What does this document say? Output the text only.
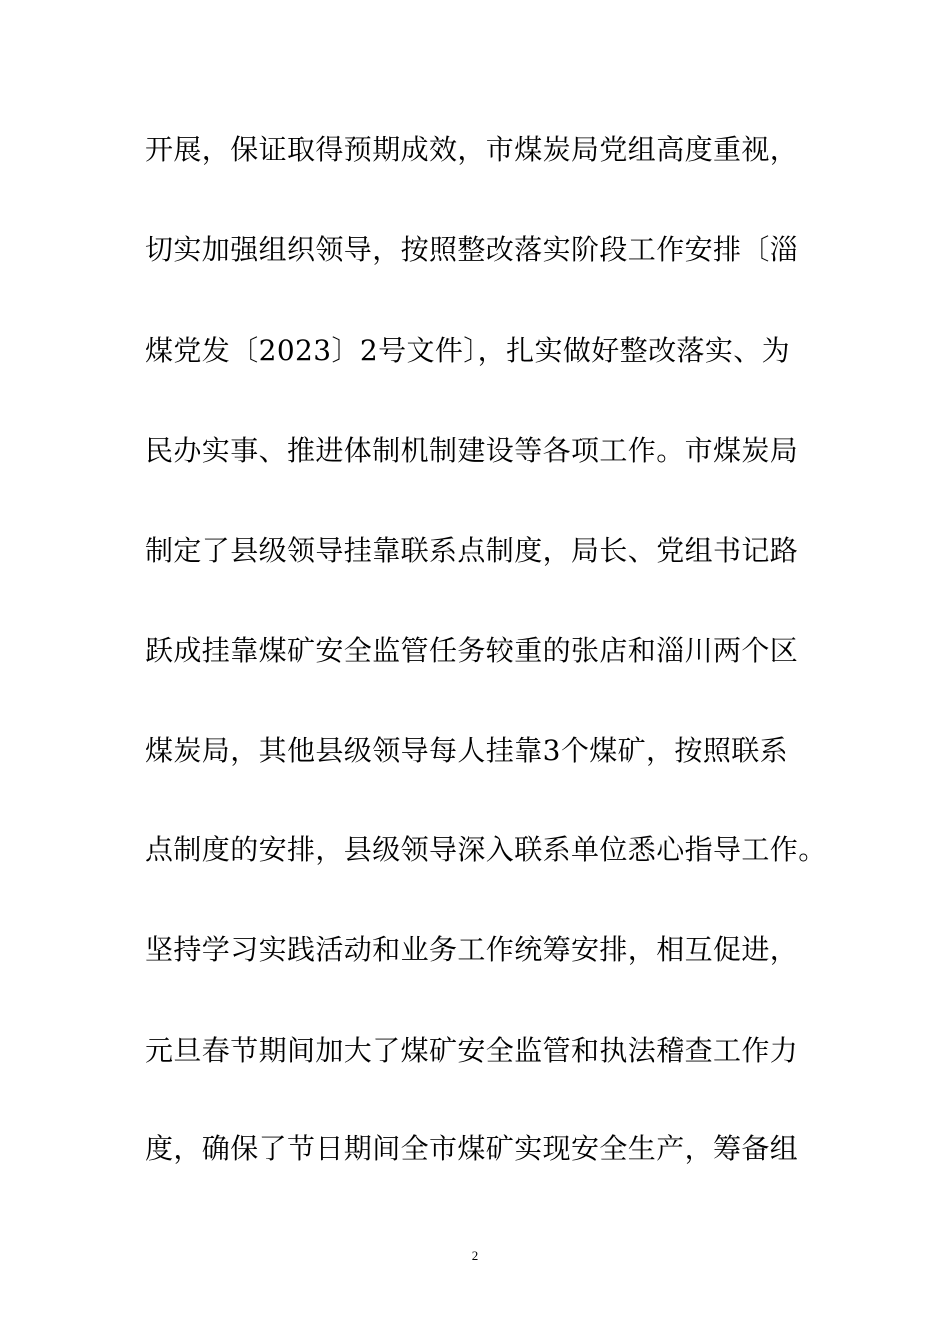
开展，保证取得预期成效，市煤炭局党组高度重视，
切实加强组织领导，按照整改落实阶段工作安排〔淄
煤党发〔2023〕2号文件〕，扎实做好整改落实、为
民办实事、推进体制机制建设等各项工作。市煤炭局
制定了县级领导挂靠联系点制度，局长、党组书记路
跃成挂靠煤矿安全监管任务较重的张店和淄川两个区
煤炭局，其他县级领导每人挂靠3个煤矿，按照联系
点制度的安排，县级领导深入联系单位悉心指导工作。
坚持学习实践活动和业务工作统筹安排，相互促进，
元旦春节期间加大了煤矿安全监管和执法稽查工作力
度，确保了节日期间全市煤矿实现安全生产，筹备组
2
